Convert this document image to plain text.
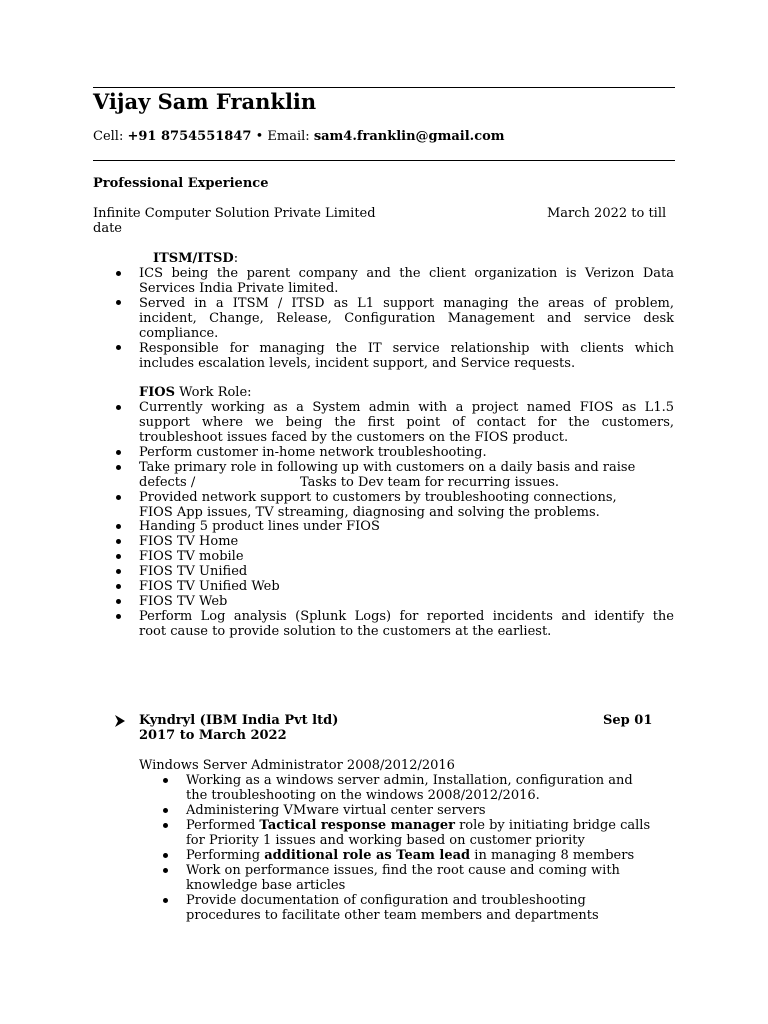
Vijay Sam Franklin
Cell: +91 8754551847 • Email: sam4.franklin@gmail.com
Professional Experience
Infinite Computer Solution Private Limited	March 2022 to till
date
ITSM/ITSD:
ICS being the parent company and the client organization is Verizon Data
Services India Private limited.
Served in a ITSM / ITSD as L1 support managing the areas of problem,
incident, Change, Release, Configuration Management and service desk
compliance.
Responsible for managing the IT service relationship with clients which
includes escalation levels, incident support, and Service requests.
FIOS Work Role:
Currently working as a System admin with a project named FIOS as L1.5
support where we being the first point of contact for the customers,
troubleshoot issues faced by the customers on the FIOS product.
Perform customer in-home network troubleshooting.
Take primary role in following up with customers on a daily basis and raise
defects /	Tasks to Dev team for recurring issues.
Provided network support to customers by troubleshooting connections,
FIOS App issues, TV streaming, diagnosing and solving the problems.
Handing 5 product lines under FIOS
FIOS TV Home
FIOS TV mobile
FIOS TV Unified
FIOS TV Unified Web
FIOS TV Web
Perform Log analysis (Splunk Logs) for reported incidents and identify the
root cause to provide solution to the customers at the earliest.
Kyndryl (IBM India Pvt ltd)	Sep 01
2017 to March 2022
Windows Server Administrator 2008/2012/2016
Working as a windows server admin, Installation, configuration and
the troubleshooting on the windows 2008/2012/2016.
Administering VMware virtual center servers
Performed Tactical response manager role by initiating bridge calls
for Priority 1 issues and working based on customer priority
Performing additional role as Team lead in managing 8 members
Work on performance issues, find the root cause and coming with
knowledge base articles
Provide documentation of configuration and troubleshooting
procedures to facilitate other team members and departments
